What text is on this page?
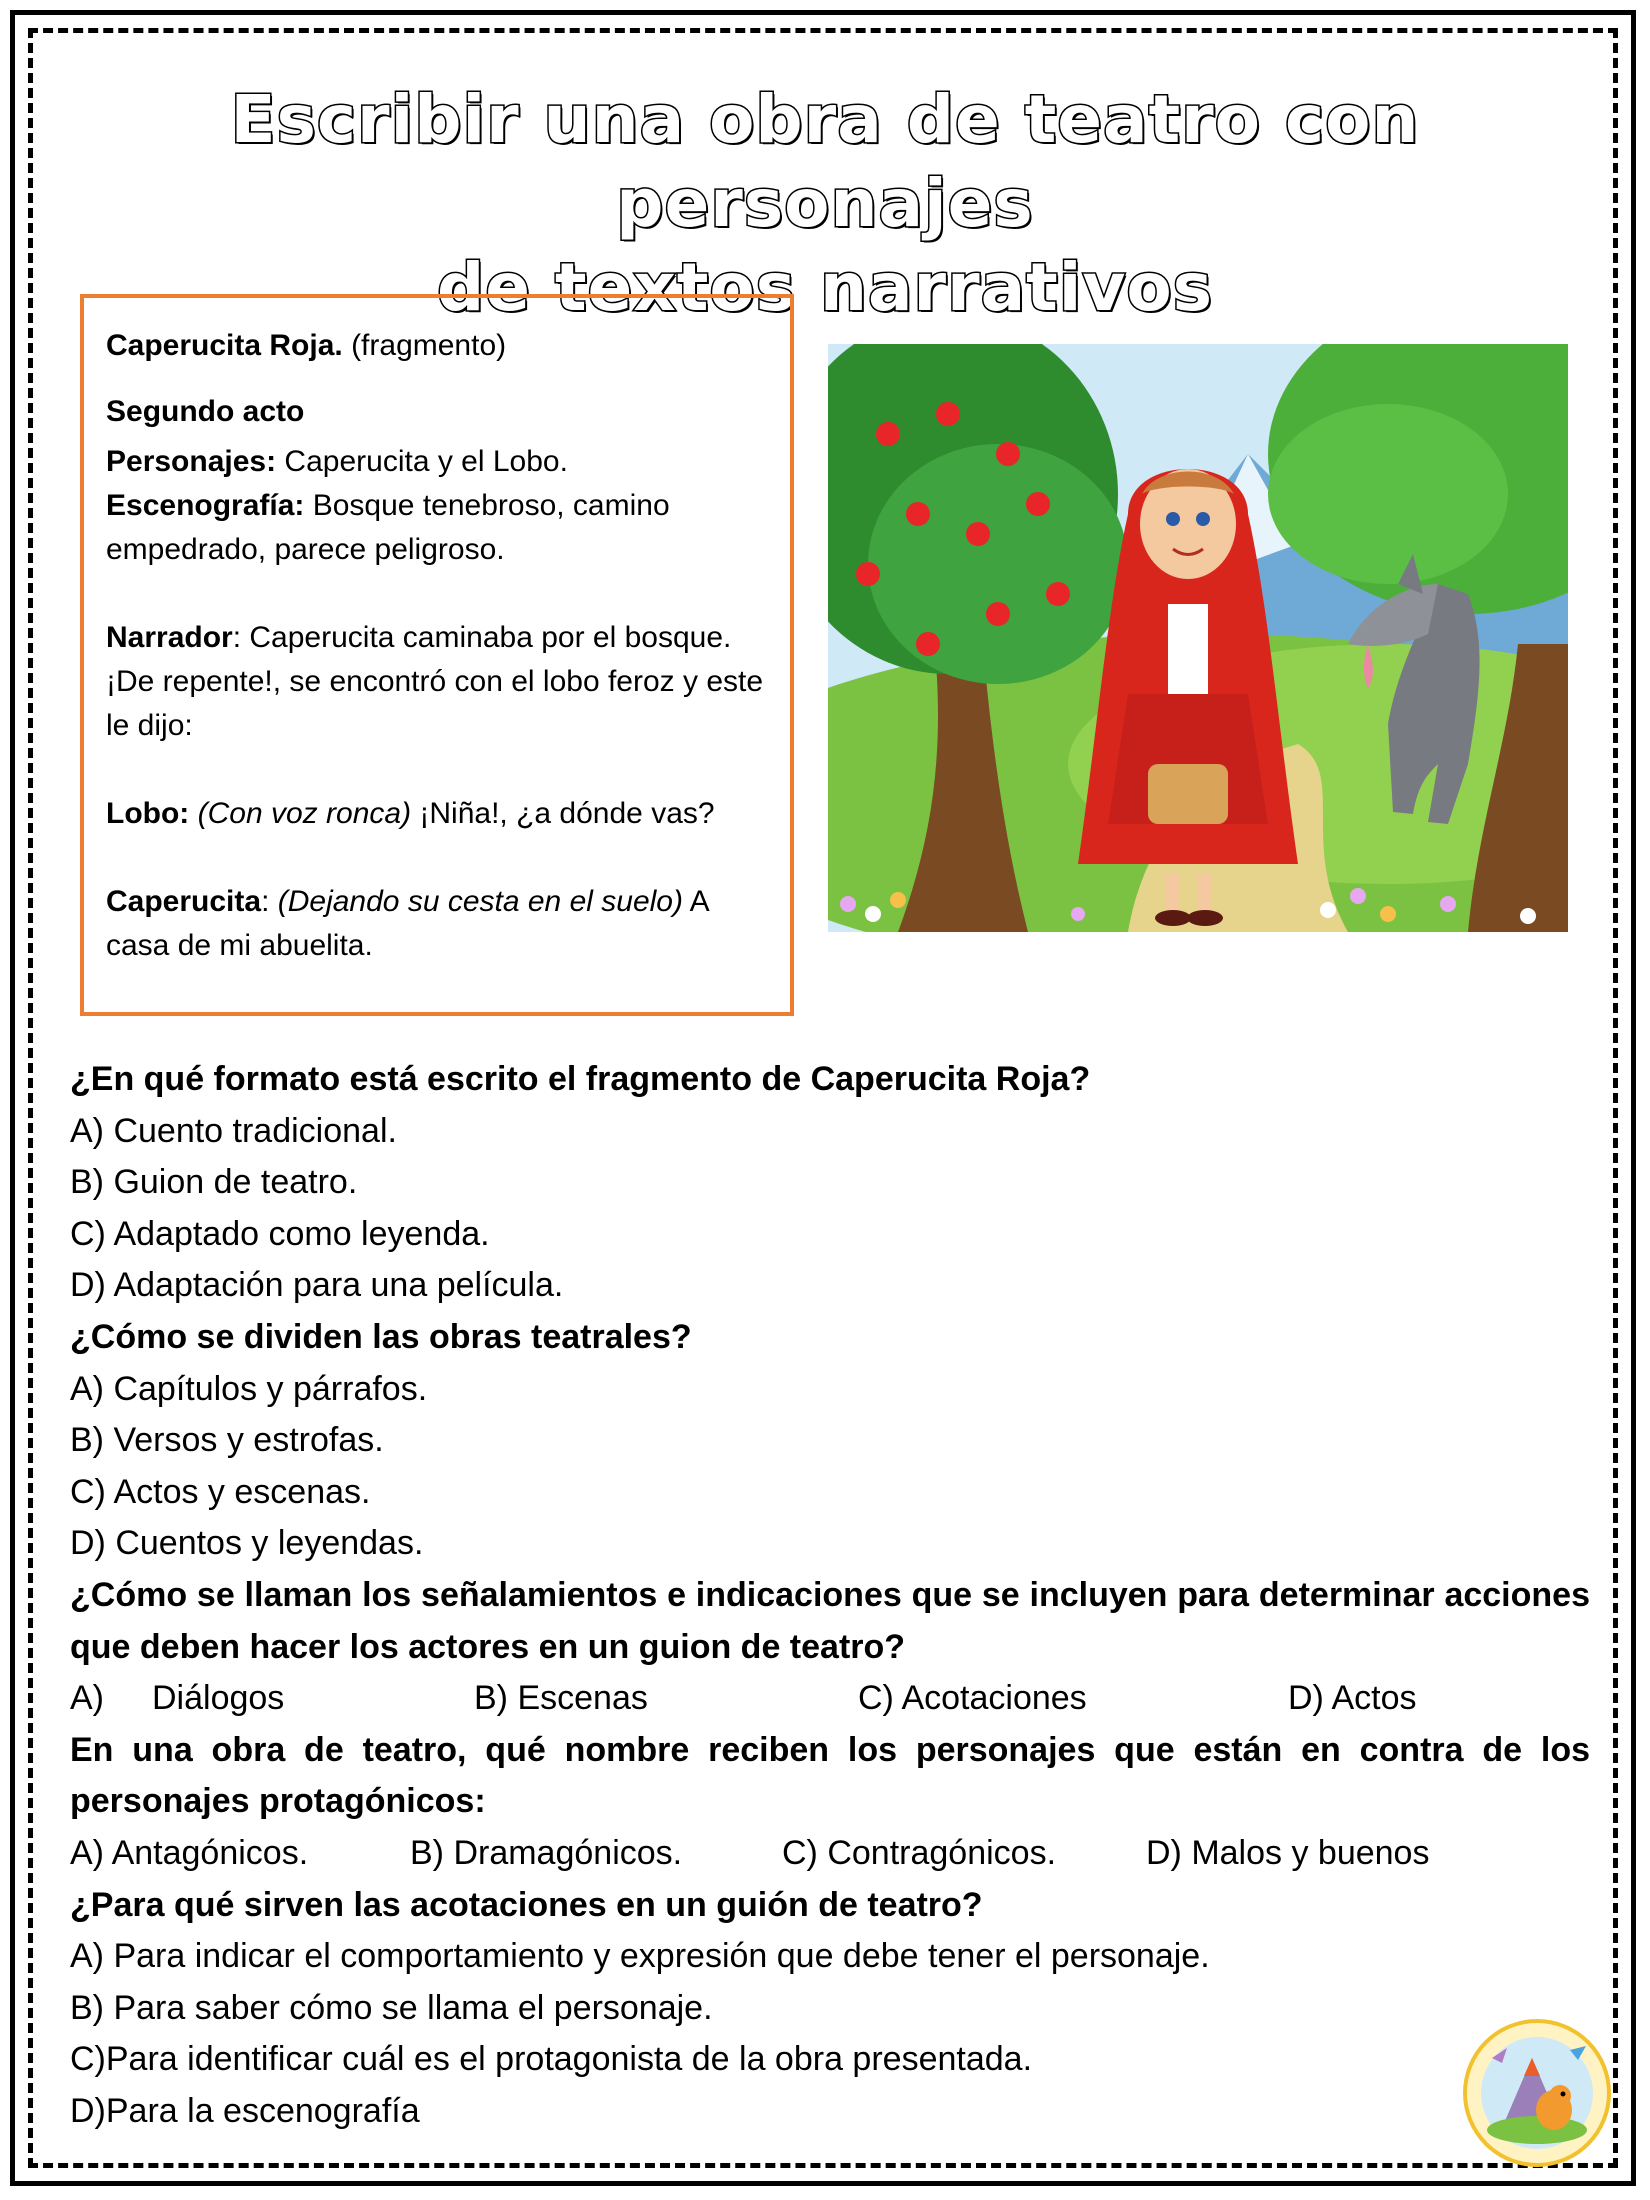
Escribir una obra de teatro con personajes
de textos narrativos

Caperucita Roja. (fragmento)

Segundo acto

Personajes: Caperucita y el Lobo.

Escenografía: Bosque tenebroso, camino empedrado, parece peligroso.

Narrador: Caperucita caminaba por el bosque. ¡De repente!, se encontró con el lobo feroz y este le dijo:

Lobo: (Con voz ronca) ¡Niña!, ¿a dónde vas?

Caperucita: (Dejando su cesta en el suelo) A casa de mi abuelita.

¿En qué formato está escrito el fragmento de Caperucita Roja?

A) Cuento tradicional.

B) Guion de teatro.

C) Adaptado como leyenda.

D) Adaptación para una película.

¿Cómo se dividen las obras teatrales?

A) Capítulos y párrafos.

B) Versos y estrofas.

C) Actos y escenas.

D) Cuentos y leyendas.

¿Cómo se llaman los señalamientos e indicaciones que se incluyen para determinar acciones que deben hacer los actores en un guion de teatro?

A)	Diálogos	B) Escenas	C) Acotaciones	D) Actos

En una obra de teatro, qué nombre reciben los personajes que están en contra de los personajes protagónicos:

A) Antagónicos.	B) Dramagónicos.	C) Contragónicos.	D) Malos y buenos

¿Para qué sirven las acotaciones en un guión de teatro?

A) Para indicar el comportamiento y expresión que debe tener el personaje.

B) Para saber cómo se llama el personaje.

C)Para identificar cuál es el protagonista de la obra presentada.

D)Para la escenografía
